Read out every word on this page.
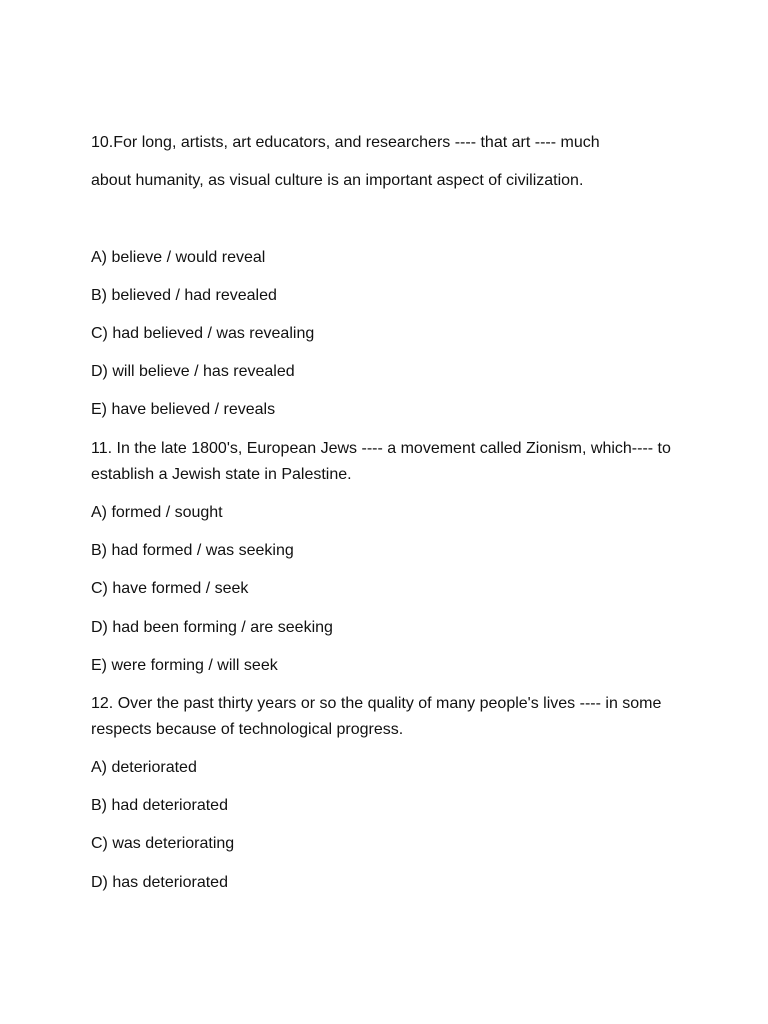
10.For long, artists, art educators, and researchers ---- that art ---- much
about humanity, as visual culture is an important aspect of civilization.
A) believe / would reveal
B) believed / had revealed
C) had believed / was revealing
D) will believe / has revealed
E) have believed / reveals
11. In the late 1800's, European Jews ---- a movement called Zionism, which---- to
establish a Jewish state in Palestine.
A) formed / sought
B) had formed / was seeking
C) have formed / seek
D) had been forming / are seeking
E) were forming / will seek
12. Over the past thirty years or so the quality of many people's lives ---- in some
respects because of technological progress.
A) deteriorated
B) had deteriorated
C) was deteriorating
D) has deteriorated
